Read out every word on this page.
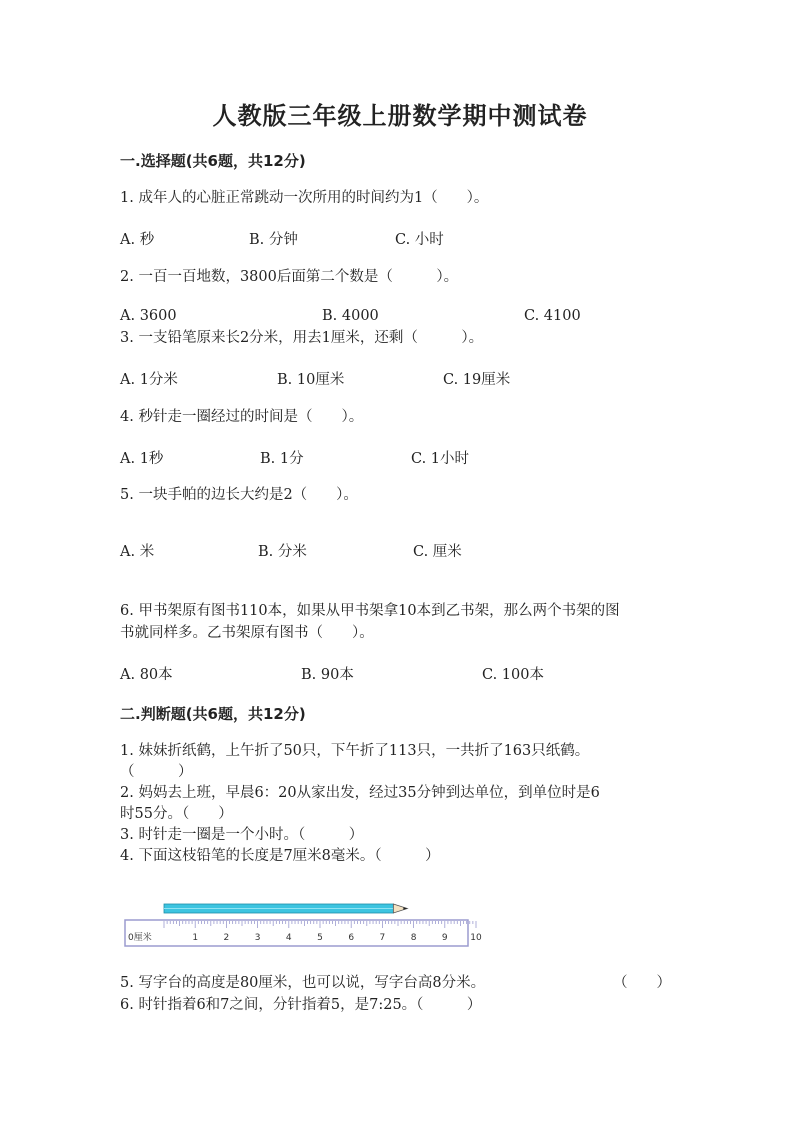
人教版三年级上册数学期中测试卷
一.选择题(共6题，共12分)
1. 成年人的心脏正常跳动一次所用的时间约为1（　　）。
A. 秒	B. 分钟	C. 小时
2. 一百一百地数，3800后面第二个数是（　　　）。
A. 3600	B. 4000	C. 4100
3. 一支铅笔原来长2分米，用去1厘米，还剩（　　　）。
A. 1分米	B. 10厘米	C. 19厘米
4. 秒针走一圈经过的时间是（　　）。
A. 1秒	B. 1分	C. 1小时
5. 一块手帕的边长大约是2（　　）。
A. 米	B. 分米	C. 厘米
6. 甲书架原有图书110本，如果从甲书架拿10本到乙书架，那么两个书架的图
书就同样多。乙书架原有图书（　　）。
A. 80本	B. 90本	C. 100本
二.判断题(共6题，共12分)
1. 妹妹折纸鹤，上午折了50只，下午折了113只，一共折了163只纸鹤。
（　　　）
2. 妈妈去上班，早晨6：20从家出发，经过35分钟到达单位，到单位时是6
时55分。（　　）
3. 时针走一圈是一个小时。（　　　）
4. 下面这枝铅笔的长度是7厘米8毫米。（　　　）
0厘米	1	2	3	4	5	6	7	8	9	10
5. 写字台的高度是80厘米，也可以说，写字台高8分米。	（　　）
6. 时针指着6和7之间，分针指着5，是7:25。（　　　）
